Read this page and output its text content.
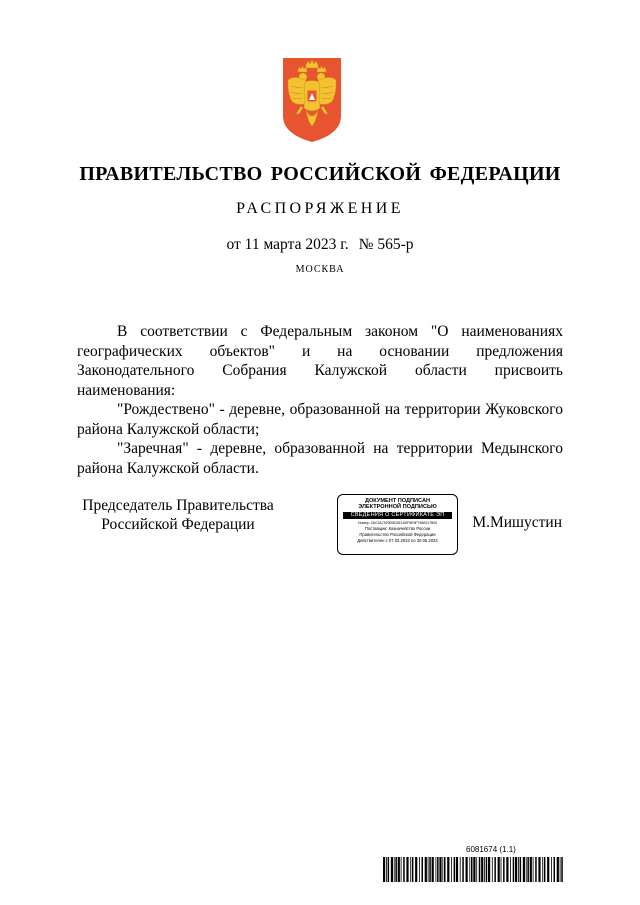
ПРАВИТЕЛЬСТВО РОССИЙСКОЙ ФЕДЕРАЦИИ
РАСПОРЯЖЕНИЕ
от 11 марта 2023 г. № 565-р
МОСКВА

В соответствии с Федеральным законом "О наименованиях географических объектов" и на основании предложения Законодательного Собрания Калужской области присвоить наименования:

"Рождествено" - деревне, образованной на территории Жуковского района Калужской области;

"Заречная" - деревне, образованной на территории Медынского района Калужской области.

Председатель Правительства
Российской Федерации
ДОКУМЕНТ ПОДПИСАН
ЭЛЕКТРОННОЙ ПОДПИСЬЮ
СВЕДЕНИЯ О СЕРТИФИКАТЕ ЭП
Номер: 2AC2A7929D5D3E1A0F5E9F7560017800
Поставщик: Казначейство России
Правительство Российской Федерации
Действителен с 07.03.2023 по 30.05.2024
М.Мишустин
6081674 (1.1)
